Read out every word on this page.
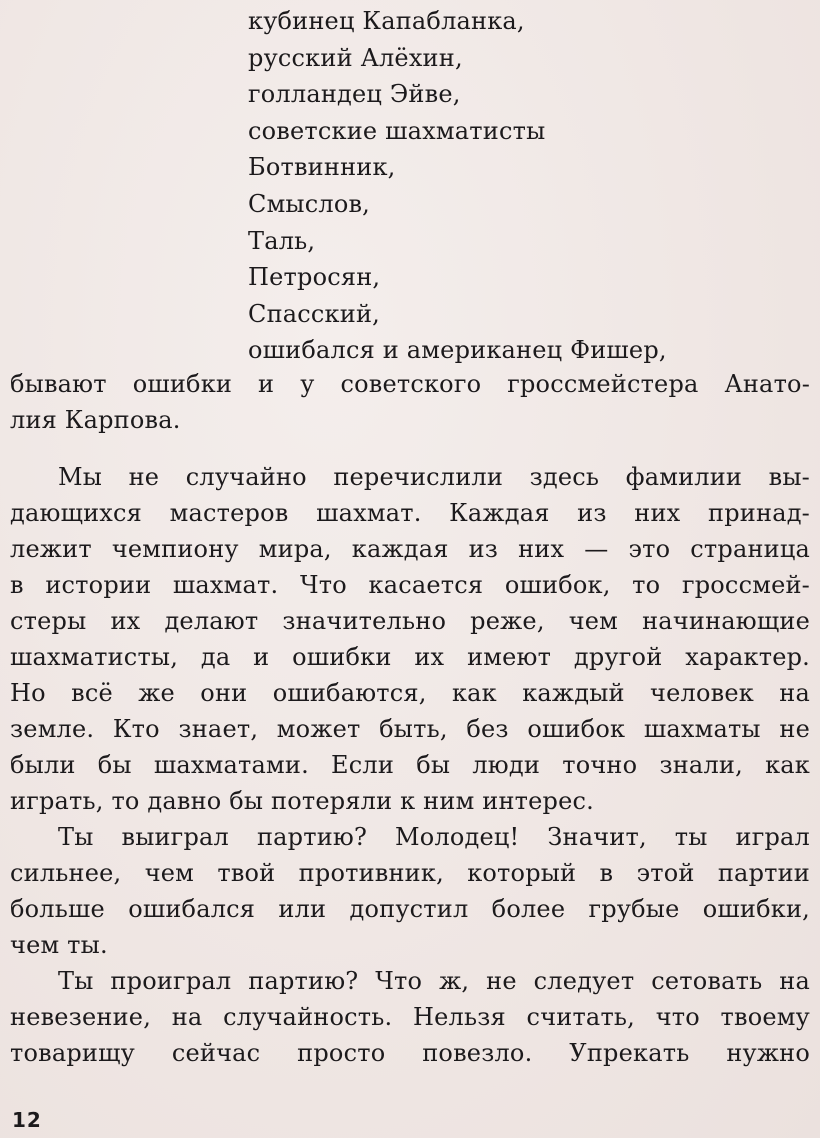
кубинец Капабланка,
русский Алёхин,
голландец Эйве,
советские шахматисты
Ботвинник,
Смыслов,
Таль,
Петросян,
Спасский,
ошибался и американец Фишер,
бывают ошибки и у советского гроссмейстера Анато-
лия Карпова.
Мы не случайно перечислили здесь фамилии вы-
дающихся мастеров шахмат. Каждая из них принад-
лежит чемпиону мира, каждая из них — это страница
в истории шахмат. Что касается ошибок, то гроссмей-
стеры их делают значительно реже, чем начинающие
шахматисты, да и ошибки их имеют другой характер.
Но всё же они ошибаются, как каждый человек на
земле. Кто знает, может быть, без ошибок шахматы не
были бы шахматами. Если бы люди точно знали, как
играть, то давно бы потеряли к ним интерес.
Ты выиграл партию? Молодец! Значит, ты играл
сильнее, чем твой противник, который в этой партии
больше ошибался или допустил более грубые ошибки,
чем ты.
Ты проиграл партию? Что ж, не следует сетовать на
невезение, на случайность. Нельзя считать, что твоему
товарищу сейчас просто повезло. Упрекать нужно
12
